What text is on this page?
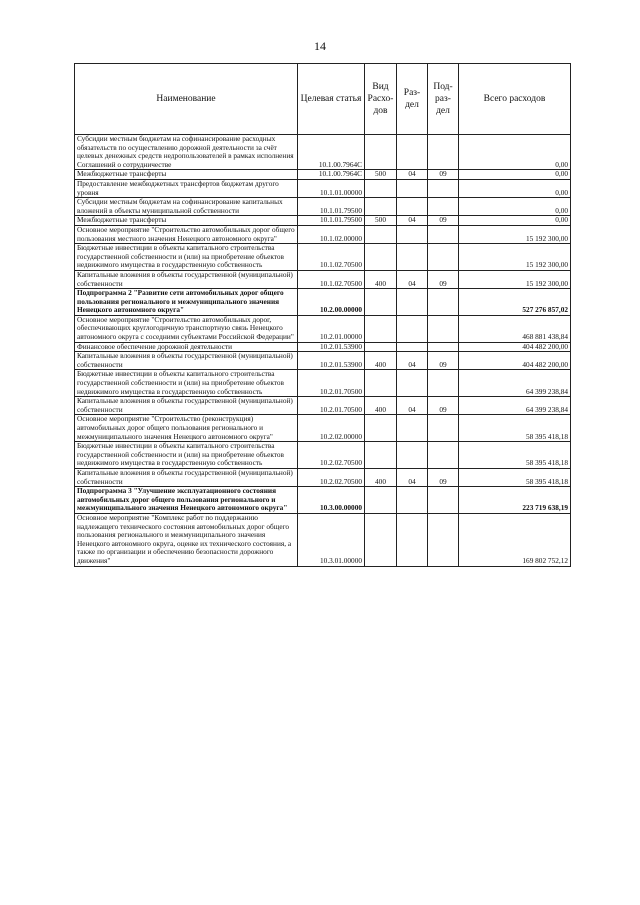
14
Наименование	Целевая статья	Вид Расхо-дов	Раз-дел	Под-раз-дел	Всего расходов
Субсидии местным бюджетам на софинансирование расходных обязательств по осуществлению дорожной деятельности за счёт целевых денежных средств недропользователей в рамках исполнения Соглашений о сотрудничестве	10.1.00.7964C				0,00
Межбюджетные трансферты	10.1.00.7964C	500	04	09	0,00
Предоставление межбюджетных трансфертов бюджетам другого уровня	10.1.01.00000				0,00
Субсидии местным бюджетам на софинансирование капитальных вложений в объекты муниципальной собственности	10.1.01.79500				0,00
Межбюджетные трансферты	10.1.01.79500	500	04	09	0,00
Основное мероприятие "Строительство автомобильных дорог общего пользования местного значения Ненецкого автономного округа"	10.1.02.00000				15 192 300,00
Бюджетные инвестиции в объекты капитального строительства государственной собственности и (или) на приобретение объектов недвижимого имущества в государственную собственность	10.1.02.70500				15 192 300,00
Капитальные вложения в объекты государственной (муниципальной) собственности	10.1.02.70500	400	04	09	15 192 300,00
Подпрограмма 2 "Развитие сети автомобильных дорог общего пользования регионального и межмуниципального значения Ненецкого автономного округа"	10.2.00.00000				527 276 857,02
Основное мероприятие "Строительство автомобильных дорог, обеспечивающих круглогодичную транспортную связь Ненецкого автономного округа с соседними субъектами Российской Федерации"	10.2.01.00000				468 881 438,84
Финансовое обеспечение дорожной деятельности	10.2.01.53900				404 482 200,00
Капитальные вложения в объекты государственной (муниципальной) собственности	10.2.01.53900	400	04	09	404 482 200,00
Бюджетные инвестиции в объекты капитального строительства государственной собственности и (или) на приобретение объектов недвижимого имущества в государственную собственность	10.2.01.70500				64 399 238,84
Капитальные вложения в объекты государственной (муниципальной) собственности	10.2.01.70500	400	04	09	64 399 238,84
Основное мероприятие "Строительство (реконструкция) автомобильных дорог общего пользования регионального и межмуниципального значения Ненецкого автономного округа"	10.2.02.00000				58 395 418,18
Бюджетные инвестиции в объекты капитального строительства государственной собственности и (или) на приобретение объектов недвижимого имущества в государственную собственность	10.2.02.70500				58 395 418,18
Капитальные вложения в объекты государственной (муниципальной) собственности	10.2.02.70500	400	04	09	58 395 418,18
Подпрограмма 3 "Улучшение эксплуатационного состояния автомобильных дорог общего пользования регионального и межмуниципального значения Ненецкого автономного округа"	10.3.00.00000				223 719 638,19
Основное мероприятие "Комплекс работ по поддержанию надлежащего технического состояния автомобильных дорог общего пользования регионального и межмуниципального значения Ненецкого автономного округа, оценке их технического состояния, а также по организации и обеспечению безопасности дорожного движения"	10.3.01.00000				169 802 752,12
